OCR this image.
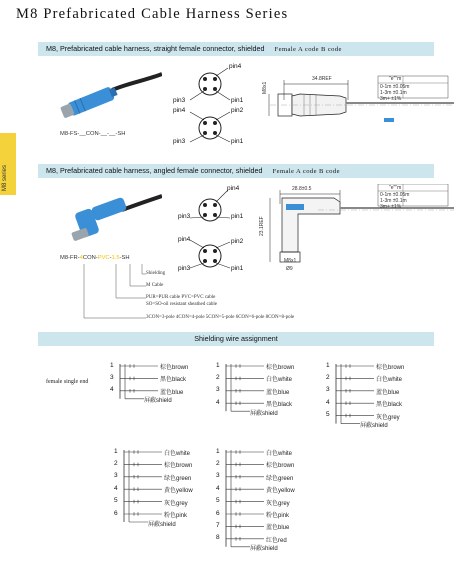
M8 Prefabricated Cable Harness Series
M8 series
M8, Prefabricated cable harness, straight female connector, shielded Female A code B code
M8-FS-__CON-__-__-SH
pin4
pin3	pin1
pin4	pin2
pin3	pin1
34.8REF
M8x1
"e""m
0-1m ±0.05m
1-3m ±0.1m
3m+ ±1%
M8, Prefabricated cable harness, angled female connector, shielded Female A code B code
M8-FR-4CON-PVC-1.5-SH
Shielding
M Cable
PUR=PUR cable PVC=PVC cable
SO=SO-oil resistant sheathed cable
3CON=3-pole 4CON=4-pole 5CON=5-pole 6CON=6-pole 8CON=8-pole
pin4
pin3	pin1
pin4	pin2
pin3	pin1
28.8±0.5
23.1REF
M8x1
Ø9
"e""m
0-1m ±0.05m
1-3m ±0.1m
3m+ ±1%
Shielding wire assignment
female single end
1	棕色brown
3	黑色black
4	蓝色blue
屏蔽shield
1	棕色brown
2	白色white
3	蓝色blue
4	黑色black
屏蔽shield
1	棕色brown
2	白色white
3	蓝色blue
4	黑色black
5	灰色grey
屏蔽shield
1	白色white
2	棕色brown
3	绿色green
4	黄色yellow
5	灰色grey
6	粉色pink
屏蔽shield
1	白色white
2	棕色brown
3	绿色green
4	黄色yellow
5	灰色grey
6	粉色pink
7	蓝色blue
8	红色red
屏蔽shield
